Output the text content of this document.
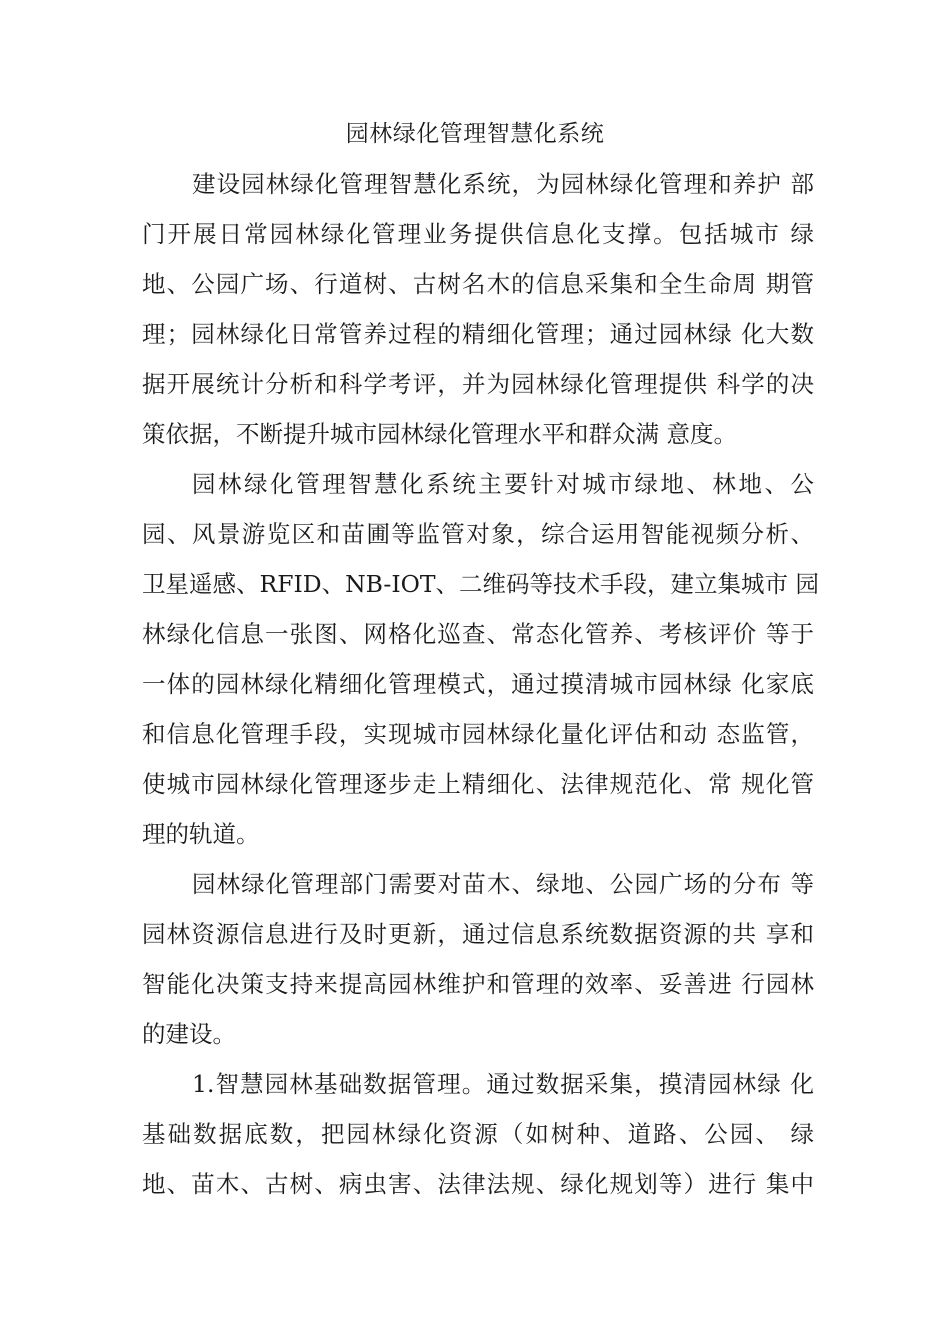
园林绿化管理智慧化系统
建设园林绿化管理智慧化系统，为园林绿化管理和养护 部
门开展日常园林绿化管理业务提供信息化支撑。包括城市 绿
地、公园广场、行道树、古树名木的信息采集和全生命周 期管
理；园林绿化日常管养过程的精细化管理；通过园林绿 化大数
据开展统计分析和科学考评，并为园林绿化管理提供 科学的决
策依据，不断提升城市园林绿化管理水平和群众满 意度。
园林绿化管理智慧化系统主要针对城市绿地、林地、公
园、风景游览区和苗圃等监管对象，综合运用智能视频分析、
卫星遥感、RFID、NB-IOT、二维码等技术手段，建立集城市 园
林绿化信息一张图、网格化巡查、常态化管养、考核评价 等于
一体的园林绿化精细化管理模式，通过摸清城市园林绿 化家底
和信息化管理手段，实现城市园林绿化量化评估和动 态监管，
使城市园林绿化管理逐步走上精细化、法律规范化、常 规化管
理的轨道。
园林绿化管理部门需要对苗木、绿地、公园广场的分布 等
园林资源信息进行及时更新，通过信息系统数据资源的共 享和
智能化决策支持来提高园林维护和管理的效率、妥善进 行园林
的建设。
1.智慧园林基础数据管理。通过数据采集，摸清园林绿 化
基础数据底数，把园林绿化资源（如树种、道路、公园、 绿
地、苗木、古树、病虫害、法律法规、绿化规划等）进行 集中
